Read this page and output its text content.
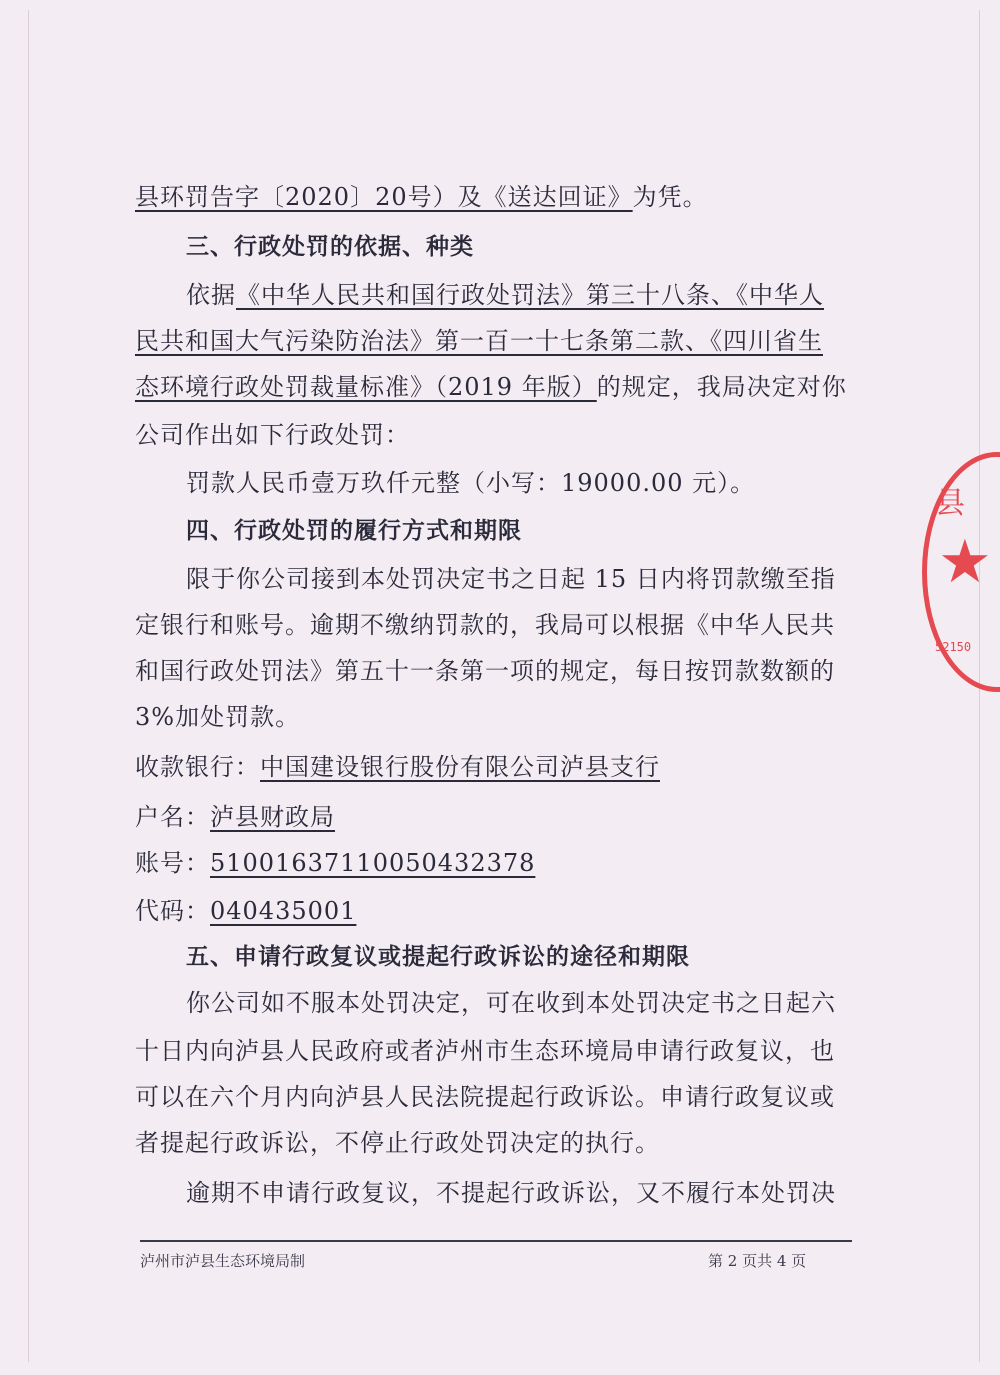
县环罚告字〔2020〕20号）及《送达回证》为凭。
三、行政处罚的依据、种类
依据《中华人民共和国行政处罚法》第三十八条、《中华人
民共和国大气污染防治法》第一百一十七条第二款、《四川省生
态环境行政处罚裁量标准》（2019 年版）的规定，我局决定对你
公司作出如下行政处罚：
罚款人民币壹万玖仟元整（小写：19000.00 元）。
四、行政处罚的履行方式和期限
限于你公司接到本处罚决定书之日起 15 日内将罚款缴至指
定银行和账号。逾期不缴纳罚款的，我局可以根据《中华人民共
和国行政处罚法》第五十一条第一项的规定，每日按罚款数额的
3%加处罚款。
收款银行：中国建设银行股份有限公司泸县支行
户名：泸县财政局
账号：51001637110050432378
代码：040435001
五、申请行政复议或提起行政诉讼的途径和期限
你公司如不服本处罚决定，可在收到本处罚决定书之日起六
十日内向泸县人民政府或者泸州市生态环境局申请行政复议，也
可以在六个月内向泸县人民法院提起行政诉讼。申请行政复议或
者提起行政诉讼，不停止行政处罚决定的执行。
逾期不申请行政复议，不提起行政诉讼，又不履行本处罚决
泸州市泸县生态环境局制	第 2 页共 4 页
县
★
52150
